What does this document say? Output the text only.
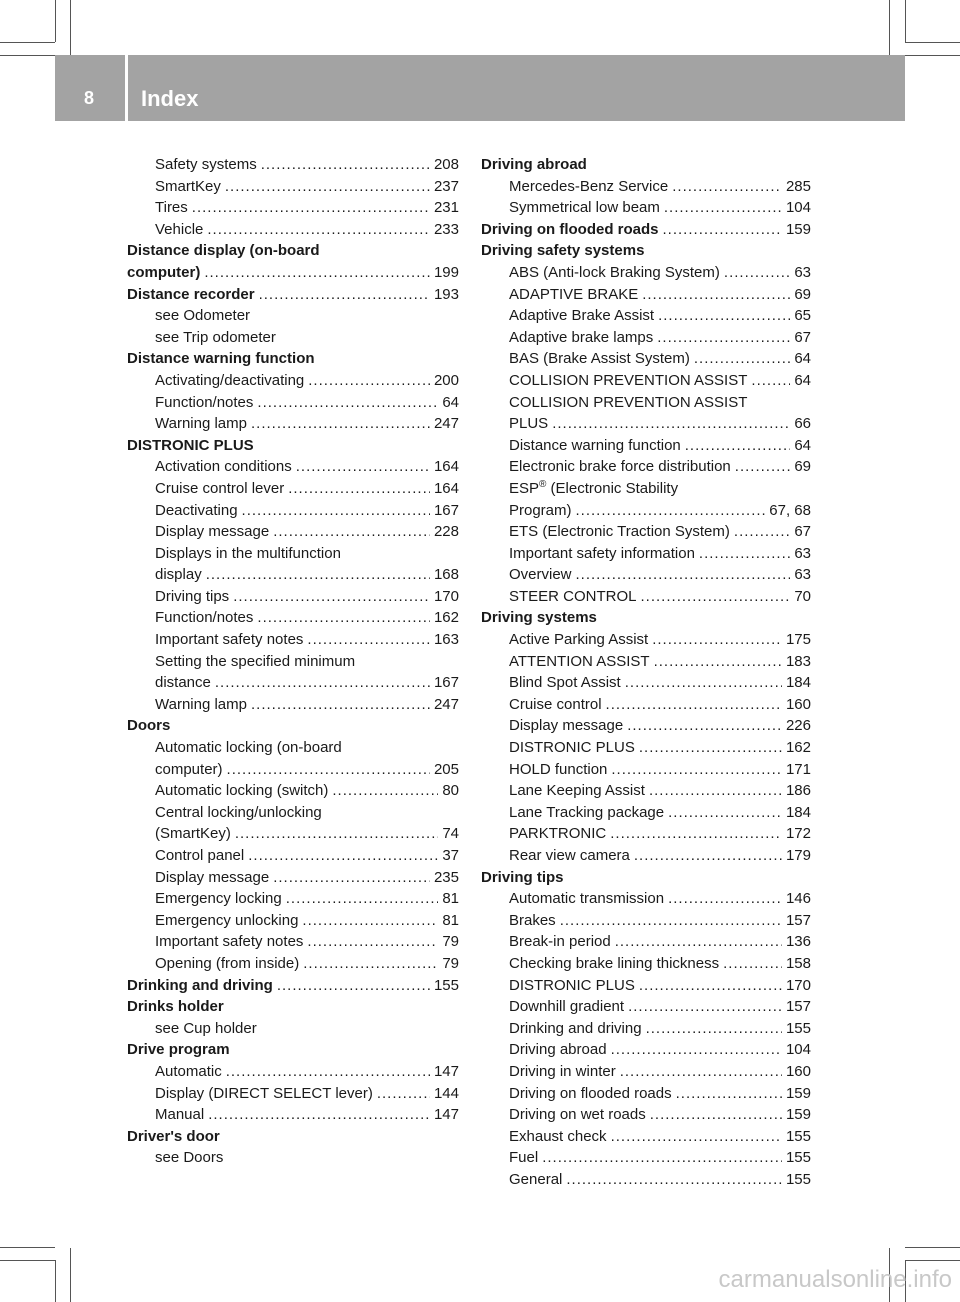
8 Index
Safety systems .....	208
SmartKey .....	237
Tires .....	231
Vehicle .....	233
Distance display (on-board
computer) .....	199
Distance recorder .....	193
see Odometer
see Trip odometer
Distance warning function
Activating/deactivating .....	200
Function/notes .....	64
Warning lamp .....	247
DISTRONIC PLUS
Activation conditions .....	164
Cruise control lever .....	164
Deactivating .....	167
Display message .....	228
Displays in the multifunction
display .....	168
Driving tips .....	170
Function/notes .....	162
Important safety notes .....	163
Setting the specified minimum
distance .....	167
Warning lamp .....	247
Doors
Automatic locking (on-board
computer) .....	205
Automatic locking (switch) .....	80
Central locking/unlocking
(SmartKey) .....	74
Control panel .....	37
Display message .....	235
Emergency locking .....	81
Emergency unlocking .....	81
Important safety notes .....	79
Opening (from inside) .....	79
Drinking and driving .....	155
Drinks holder
see Cup holder
Drive program
Automatic .....	147
Display (DIRECT SELECT lever) .....	144
Manual .....	147
Driver's door
see Doors
Driving abroad
Mercedes-Benz Service .....	285
Symmetrical low beam .....	104
Driving on flooded roads .....	159
Driving safety systems
ABS (Anti-lock Braking System) .....	63
ADAPTIVE BRAKE .....	69
Adaptive Brake Assist .....	65
Adaptive brake lamps .....	67
BAS (Brake Assist System) .....	64
COLLISION PREVENTION ASSIST .....	64
COLLISION PREVENTION ASSIST
PLUS .....	66
Distance warning function .....	64
Electronic brake force distribution .....	69
ESP® (Electronic Stability
Program) .....	67, 68
ETS (Electronic Traction System) .....	67
Important safety information .....	63
Overview .....	63
STEER CONTROL .....	70
Driving systems
Active Parking Assist .....	175
ATTENTION ASSIST .....	183
Blind Spot Assist .....	184
Cruise control .....	160
Display message .....	226
DISTRONIC PLUS .....	162
HOLD function .....	171
Lane Keeping Assist .....	186
Lane Tracking package .....	184
PARKTRONIC .....	172
Rear view camera .....	179
Driving tips
Automatic transmission .....	146
Brakes .....	157
Break-in period .....	136
Checking brake lining thickness .....	158
DISTRONIC PLUS .....	170
Downhill gradient .....	157
Drinking and driving .....	155
Driving abroad .....	104
Driving in winter .....	160
Driving on flooded roads .....	159
Driving on wet roads .....	159
Exhaust check .....	155
Fuel .....	155
General .....	155
carmanualsonline.info
